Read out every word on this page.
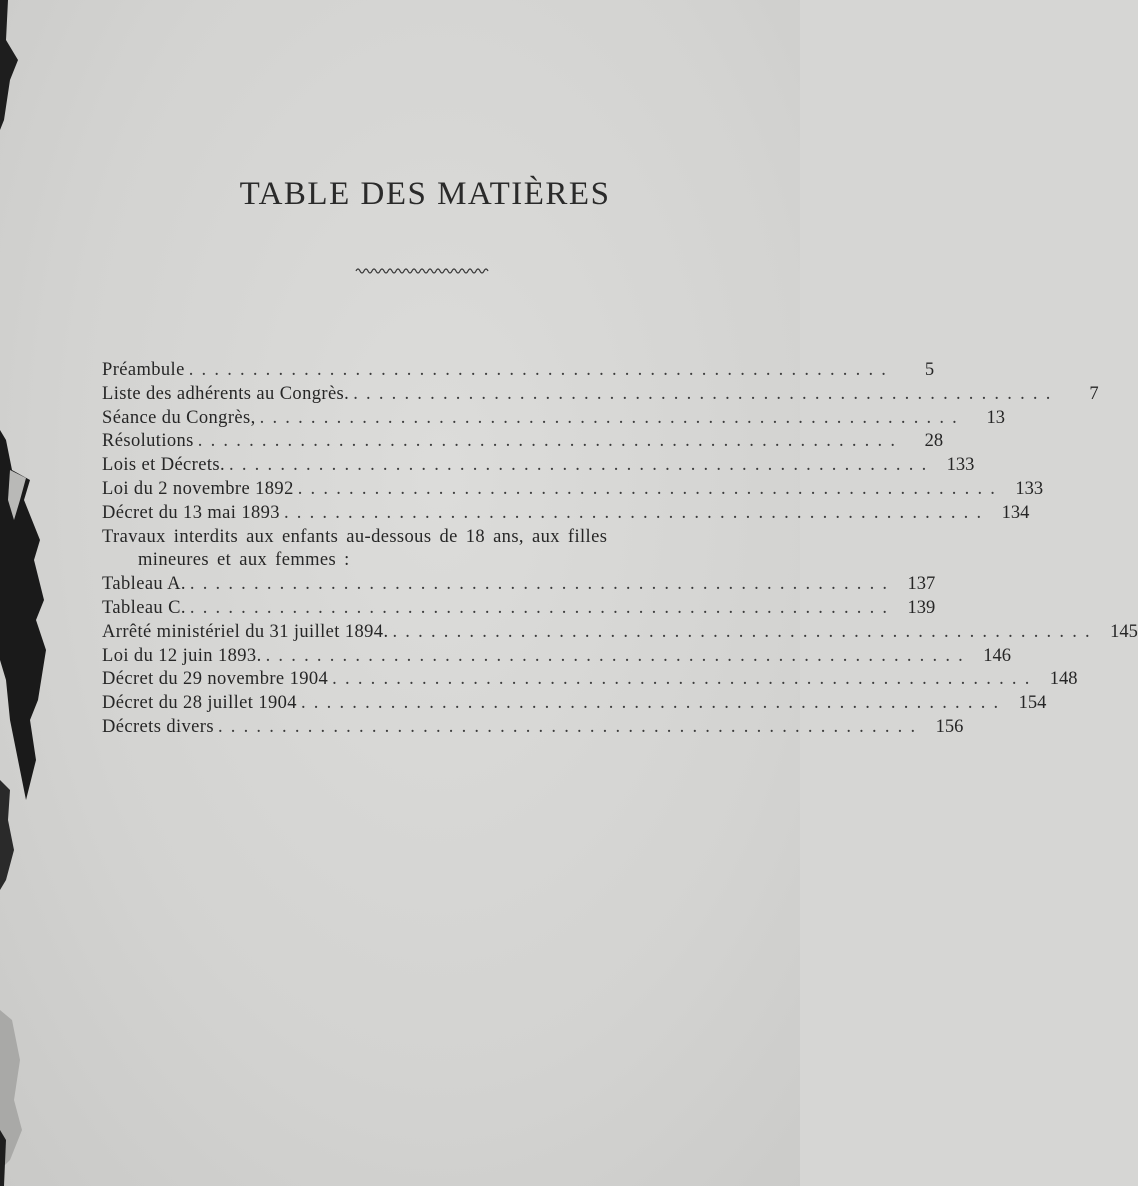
TABLE DES MATIÈRES
Préambule .......................................................	5
Liste des adhérents au Congrès. .......................................................	7
Séance du Congrès, .......................................................	13
Résolutions .......................................................	28
Lois et Décrets. ....................................................... 133
Loi du 2 novembre 1892 ....................................................... 133
Décret du 13 mai 1893 ....................................................... 134
Travaux interdits aux enfants au-dessous de 18 ans, aux filles
mineures et aux femmes :
Tableau A. ....................................................... 137
Tableau C. ....................................................... 139
Arrêté ministériel du 31 juillet 1894. ....................................................... 145
Loi du 12 juin 1893. ....................................................... 146
Décret du 29 novembre 1904 ....................................................... 148
Décret du 28 juillet 1904 ....................................................... 154
Décrets divers ....................................................... 156
